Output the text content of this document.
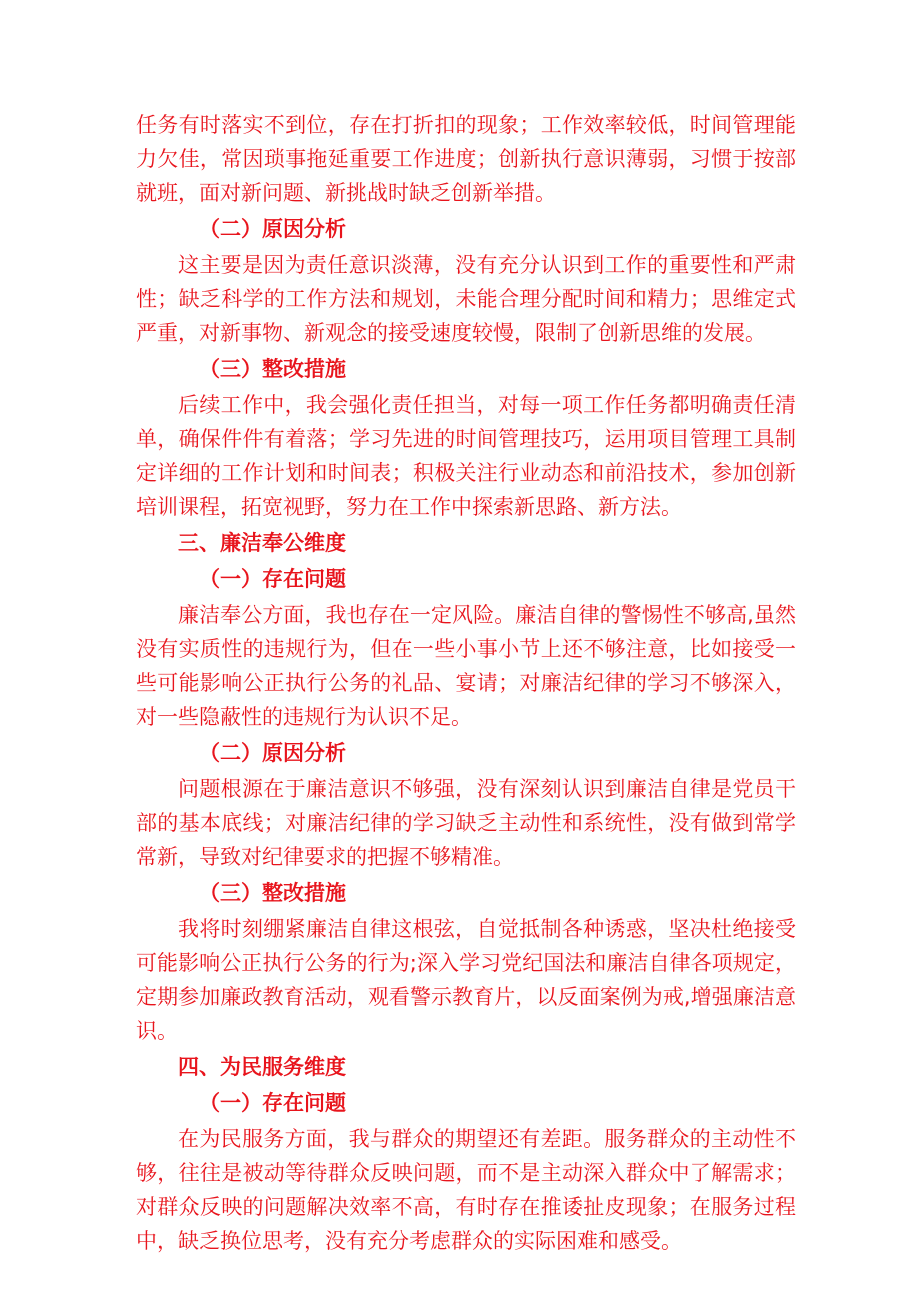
任务有时落实不到位，存在打折扣的现象；工作效率较低，时间管理能力欠佳，常因琐事拖延重要工作进度；创新执行意识薄弱，习惯于按部就班，面对新问题、新挑战时缺乏创新举措。

（二）原因分析

这主要是因为责任意识淡薄，没有充分认识到工作的重要性和严肃性；缺乏科学的工作方法和规划，未能合理分配时间和精力；思维定式严重，对新事物、新观念的接受速度较慢，限制了创新思维的发展。

（三）整改措施

后续工作中，我会强化责任担当，对每一项工作任务都明确责任清单，确保件件有着落；学习先进的时间管理技巧，运用项目管理工具制定详细的工作计划和时间表；积极关注行业动态和前沿技术，参加创新培训课程，拓宽视野，努力在工作中探索新思路、新方法。

三、廉洁奉公维度

（一）存在问题

廉洁奉公方面，我也存在一定风险。廉洁自律的警惕性不够高,虽然没有实质性的违规行为，但在一些小事小节上还不够注意，比如接受一些可能影响公正执行公务的礼品、宴请；对廉洁纪律的学习不够深入，对一些隐蔽性的违规行为认识不足。

（二）原因分析

问题根源在于廉洁意识不够强，没有深刻认识到廉洁自律是党员干部的基本底线；对廉洁纪律的学习缺乏主动性和系统性，没有做到常学常新，导致对纪律要求的把握不够精准。

（三）整改措施

我将时刻绷紧廉洁自律这根弦，自觉抵制各种诱惑，坚决杜绝接受可能影响公正执行公务的行为;深入学习党纪国法和廉洁自律各项规定，定期参加廉政教育活动，观看警示教育片，以反面案例为戒,增强廉洁意识。

四、为民服务维度

（一）存在问题

在为民服务方面，我与群众的期望还有差距。服务群众的主动性不够，往往是被动等待群众反映问题，而不是主动深入群众中了解需求；对群众反映的问题解决效率不高，有时存在推诿扯皮现象；在服务过程中，缺乏换位思考，没有充分考虑群众的实际困难和感受。
